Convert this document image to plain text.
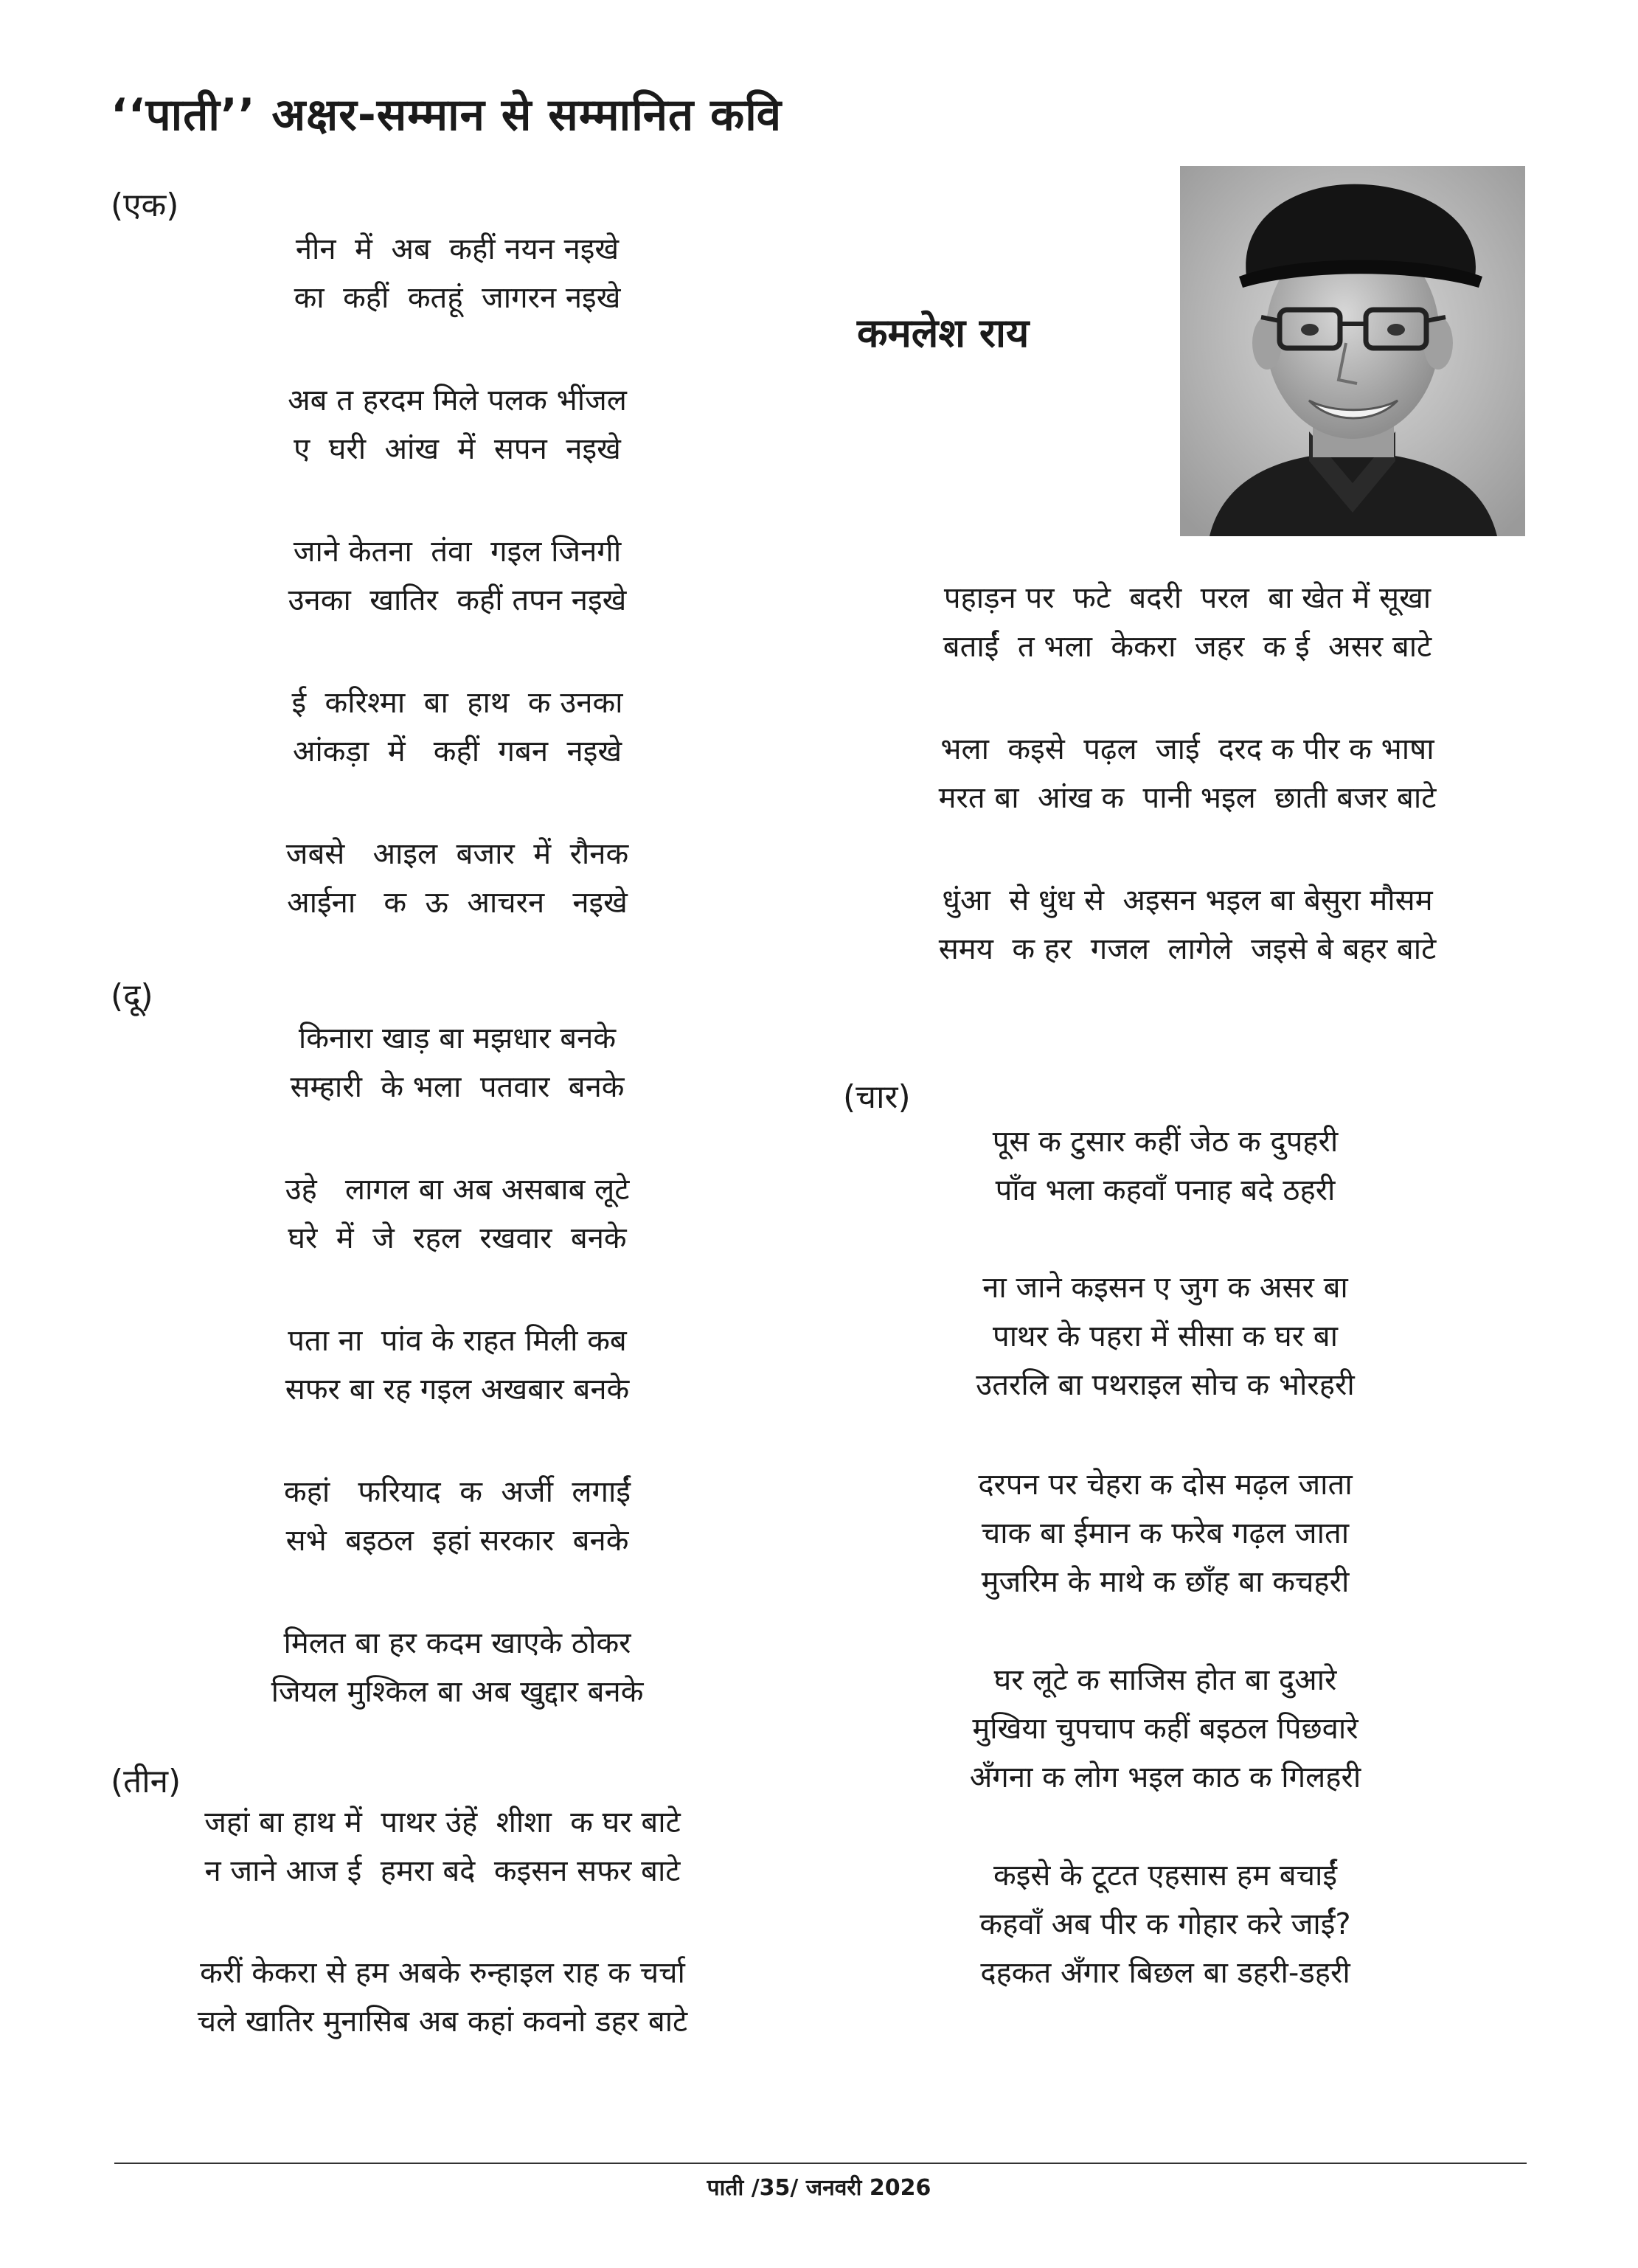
‘‘पाती’’ अक्षर-सम्मान से सम्मानित कवि
(एक)
नीन  में  अब  कहीं नयन नइखे
का  कहीं  कतहूं  जागरन नइखे
अब त हरदम मिले पलक भींजल
ए  घरी  आंख  में  सपन  नइखे
जाने केतना  तंवा  गइल जिनगी
उनका  खातिर  कहीं तपन नइखे
ई  करिश्मा  बा  हाथ  क उनका
आंकड़ा  में   कहीं  गबन  नइखे
जबसे   आइल  बजार  में  रौनक
आईना   क  ऊ  आचरन   नइखे
(दू)
किनारा खाड़ बा मझधार बनके
सम्हारी  के भला  पतवार  बनके
उहे   लागल बा अब असबाब लूटे
घरे  में  जे  रहल  रखवार  बनके
पता ना  पांव के राहत मिली कब
सफर बा रह गइल अखबार बनके
कहां   फरियाद  क  अर्जी  लगाईं
सभे  बइठल  इहां सरकार  बनके
मिलत बा हर कदम खाएके ठोकर
जियल मुश्किल बा अब खुद्दार बनके
(तीन)
जहां बा हाथ में  पाथर उंहें  शीशा  क घर बाटे
न जाने आज ई  हमरा बदे  कइसन सफर बाटे
करीं केकरा से हम अबके रुन्हाइल राह क चर्चा
चले खातिर मुनासिब अब कहां कवनो डहर बाटे
कमलेश राय
पहाड़न पर  फटे  बदरी  परल  बा खेत में सूखा
बताईं  त भला  केकरा  जहर  क ई  असर बाटे
भला  कइसे  पढ़ल  जाई  दरद क पीर क भाषा
मरत बा  आंख क  पानी भइल  छाती बजर बाटे
धुंआ  से धुंध से  अइसन भइल बा बेसुरा मौसम
समय  क हर  गजल  लागेले  जइसे बे बहर बाटे
(चार)
पूस क टुसार कहीं जेठ क दुपहरी
पाँव भला कहवाँ पनाह बदे ठहरी
ना जाने कइसन ए जुग क असर बा
पाथर के पहरा में सीसा क घर बा
उतरलि बा पथराइल सोच क भोरहरी
दरपन पर चेहरा क दोस मढ़ल जाता
चाक बा ईमान क फरेब गढ़ल जाता
मुजरिम के माथे क छाँह बा कचहरी
घर लूटे क साजिस होत बा दुआरे
मुखिया चुपचाप कहीं बइठल पिछवारे
अँगना क लोग भइल काठ क गिलहरी
कइसे के टूटत एहसास हम बचाईं
कहवाँ अब पीर क गोहार करे जाईं?
दहकत अँगार बिछल बा डहरी-डहरी
पाती /35/ जनवरी 2026
